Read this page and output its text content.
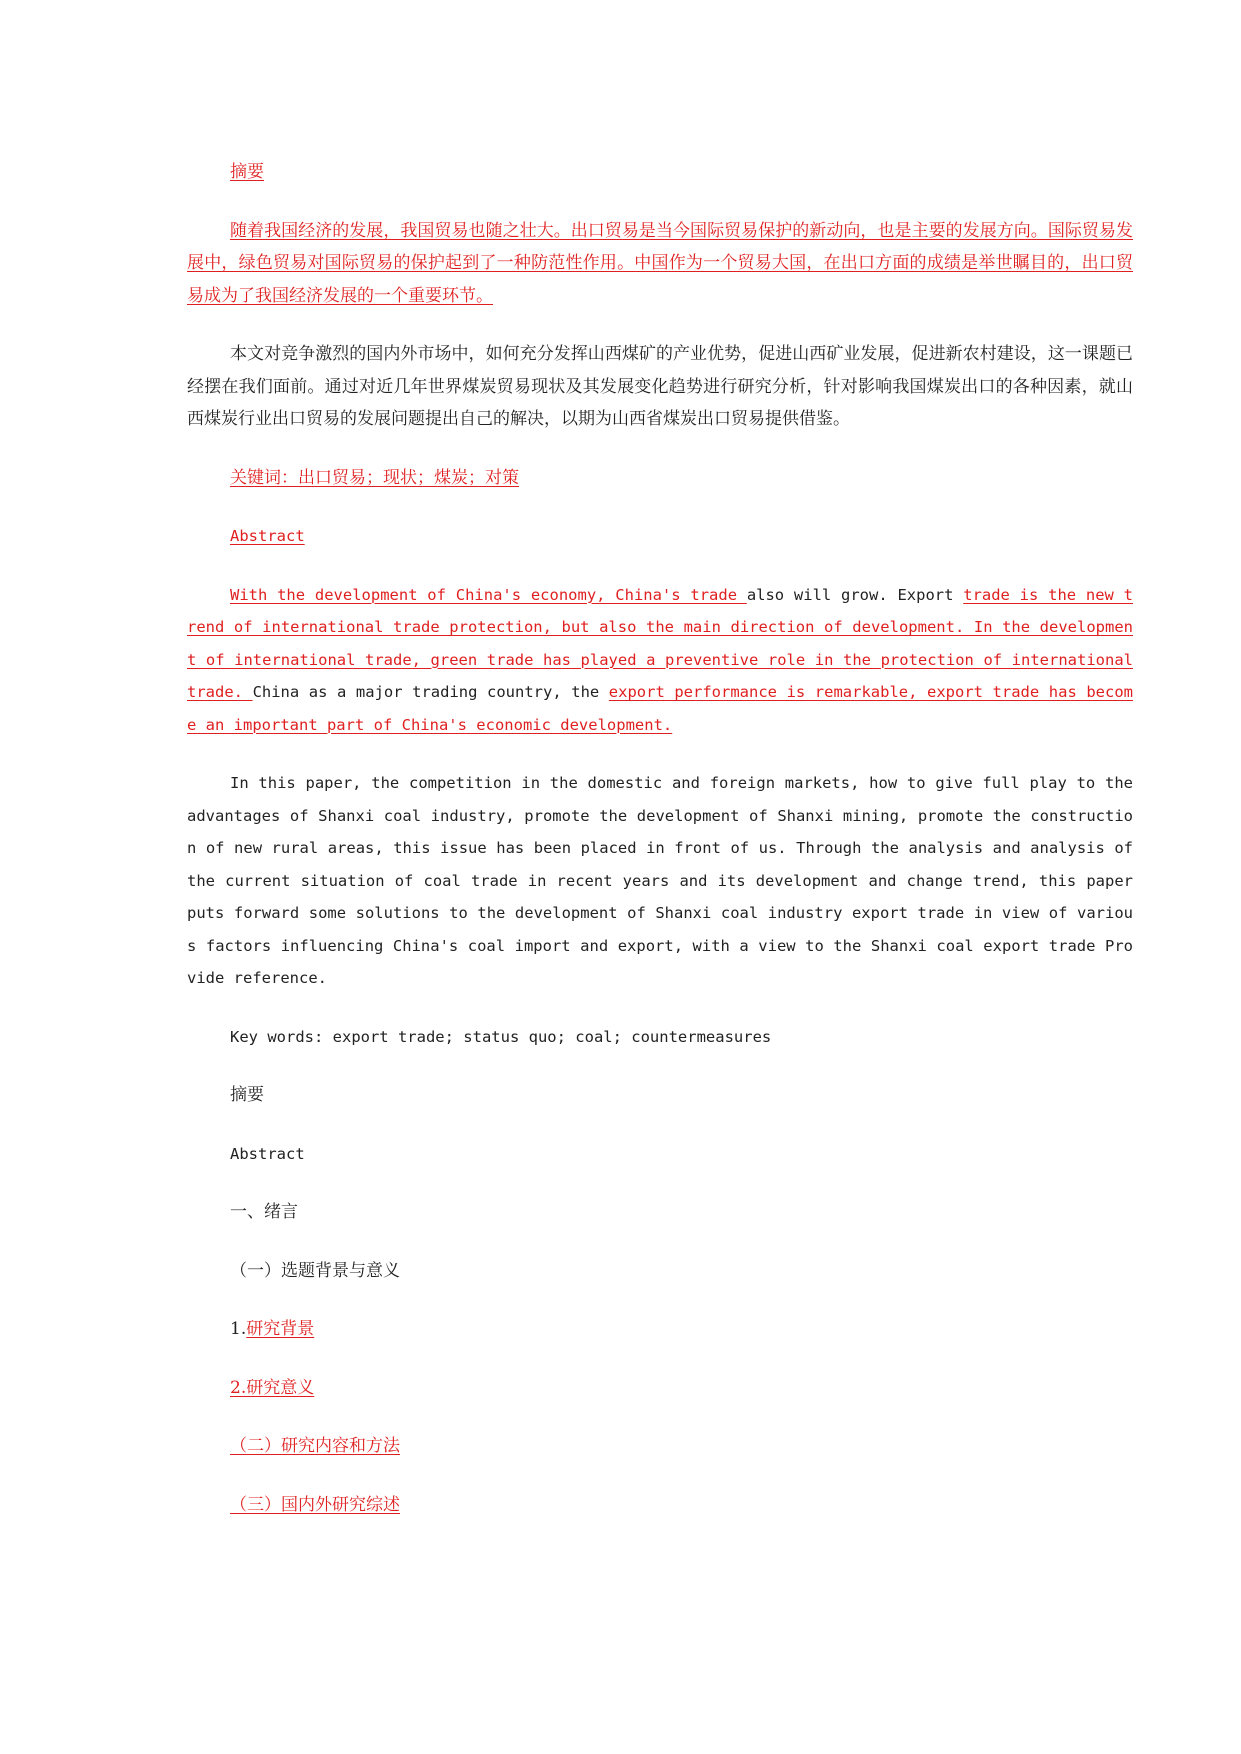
摘要

随着我国经济的发展，我国贸易也随之壮大。出口贸易是当今国际贸易保护的新动向，也是主要的发展方向。国际贸易发展中，绿色贸易对国际贸易的保护起到了一种防范性作用。中国作为一个贸易大国，在出口方面的成绩是举世瞩目的，出口贸易成为了我国经济发展的一个重要环节。

本文对竞争激烈的国内外市场中，如何充分发挥山西煤矿的产业优势，促进山西矿业发展，促进新农村建设，这一课题已经摆在我们面前。通过对近几年世界煤炭贸易现状及其发展变化趋势进行研究分析，针对影响我国煤炭出口的各种因素，就山西煤炭行业出口贸易的发展问题提出自己的解决，以期为山西省煤炭出口贸易提供借鉴。

关键词：出口贸易；现状；煤炭；对策

Abstract

With the development of China's economy, China's trade also will grow. Export trade is the new trend of international trade protection, but also the main direction of development. In the development of international trade, green trade has played a preventive role in the protection of international trade. China as a major trading country, the export performance is remarkable, export trade has become an important part of China's economic development.

In this paper, the competition in the domestic and foreign markets, how to give full play to the advantages of Shanxi coal industry, promote the development of Shanxi mining, promote the construction of new rural areas, this issue has been placed in front of us. Through the analysis and analysis of the current situation of coal trade in recent years and its development and change trend, this paper puts forward some solutions to the development of Shanxi coal industry export trade in view of various factors influencing China's coal import and export, with a view to the Shanxi coal export trade Provide reference.

Key words: export trade; status quo; coal; countermeasures

摘要

Abstract

一、绪言

（一）选题背景与意义

1.研究背景

2.研究意义

（二）研究内容和方法

（三）国内外研究综述
